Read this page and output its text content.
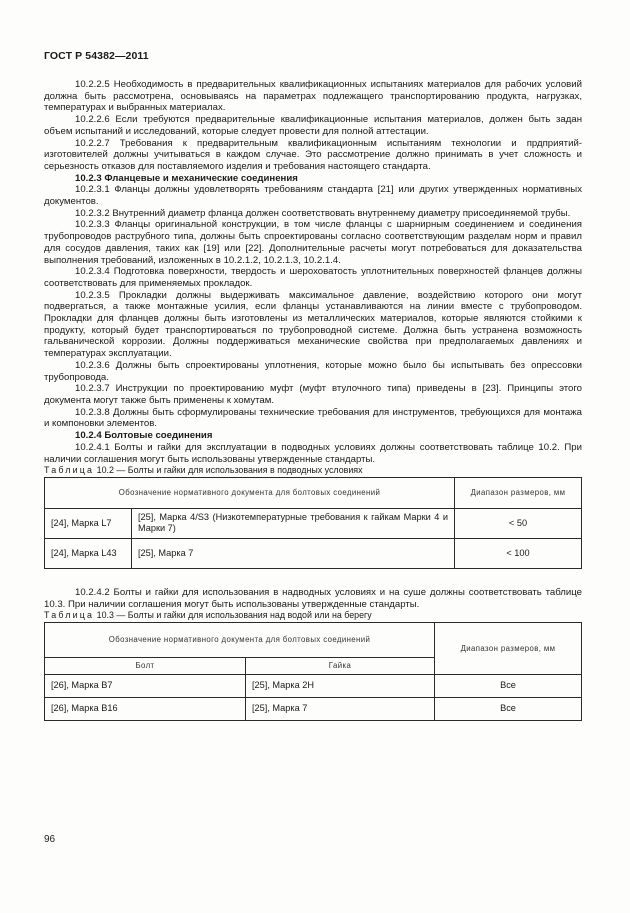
ГОСТ Р 54382—2011

10.2.2.5 Необходимость в предварительных квалификационных испытаниях материалов для рабочих условий должна быть рассмотрена, основываясь на параметрах подлежащего транспортированию продукта, нагрузках, температурах и выбранных материалах.

10.2.2.6 Если требуются предварительные квалификационные испытания материалов, должен быть задан объем испытаний и исследований, которые следует провести для полной аттестации.

10.2.2.7 Требования к предварительным квалификационным испытаниям технологии и прдприятий-изготовителей должны учитываться в каждом случае. Это рассмотрение должно принимать в учет сложность и серьезность отказов для поставляемого изделия и требования настоящего стандарта.

10.2.3 Фланцевые и механические соединения

10.2.3.1 Фланцы должны удовлетворять требованиям стандарта [21] или других утвержденных нормативных документов.

10.2.3.2 Внутренний диаметр фланца должен соответствовать внутреннему диаметру присоединяемой трубы.

10.2.3.3 Фланцы оригинальной конструкции, в том числе фланцы с шарнирным соединением и соединения трубопроводов раструбного типа, должны быть спроектированы согласно соответствующим разделам норм и правил для сосудов давления, таких как [19] или [22]. Дополнительные расчеты могут потребоваться для доказательства выполнения требований, изложенных в 10.2.1.2, 10.2.1.3, 10.2.1.4.

10.2.3.4 Подготовка поверхности, твердость и шероховатость уплотнительных поверхностей фланцев должны соответствовать для применяемых прокладок.

10.2.3.5 Прокладки должны выдерживать максимальное давление, воздействию которого они могут подвергаться, а также монтажные усилия, если фланцы устанавливаются на линии вместе с трубопроводом. Прокладки для фланцев должны быть изготовлены из металлических материалов, которые являются стойкими к продукту, который будет транспортироваться по трубопроводной системе. Должна быть устранена возможность гальванической коррозии. Должны поддерживаться механические свойства при предполагаемых давлениях и температурах эксплуатации.

10.2.3.6 Должны быть спроектированы уплотнения, которые можно было бы испытывать без опрессовки трубопровода.

10.2.3.7 Инструкции по проектированию муфт (муфт втулочного типа) приведены в [23]. Принципы этого документа могут также быть применены к хомутам.

10.2.3.8 Должны быть сформулированы технические требования для инструментов, требующихся для монтажа и компоновки элементов.

10.2.4 Болтовые соединения

10.2.4.1 Болты и гайки для эксплуатации в подводных условиях должны соответствовать таблице 10.2. При наличии соглашения могут быть использованы утвержденные стандарты.

Таблица 10.2 — Болты и гайки для использования в подводных условиях

Обозначение нормативного документа для болтовых соединений		Диапазон размеров, мм
[24], Марка L7	[25], Марка 4/S3 (Низкотемпературные требования к гайкам Марки 4 и Марки 7)	< 50
[24], Марка L43	[25], Марка 7	< 100

10.2.4.2 Болты и гайки для использования в надводных условиях и на суше должны соответствовать таблице 10.3. При наличии соглашения могут быть использованы утвержденные стандарты.

Таблица 10.3 — Болты и гайки для использования над водой или на берегу

Обозначение нормативного документа для болтовых соединений		Диапазон размеров, мм
Болт	Гайка	
[26], Марка В7	[25], Марка 2H	Все
[26], Марка В16	[25], Марка 7	Все
96
